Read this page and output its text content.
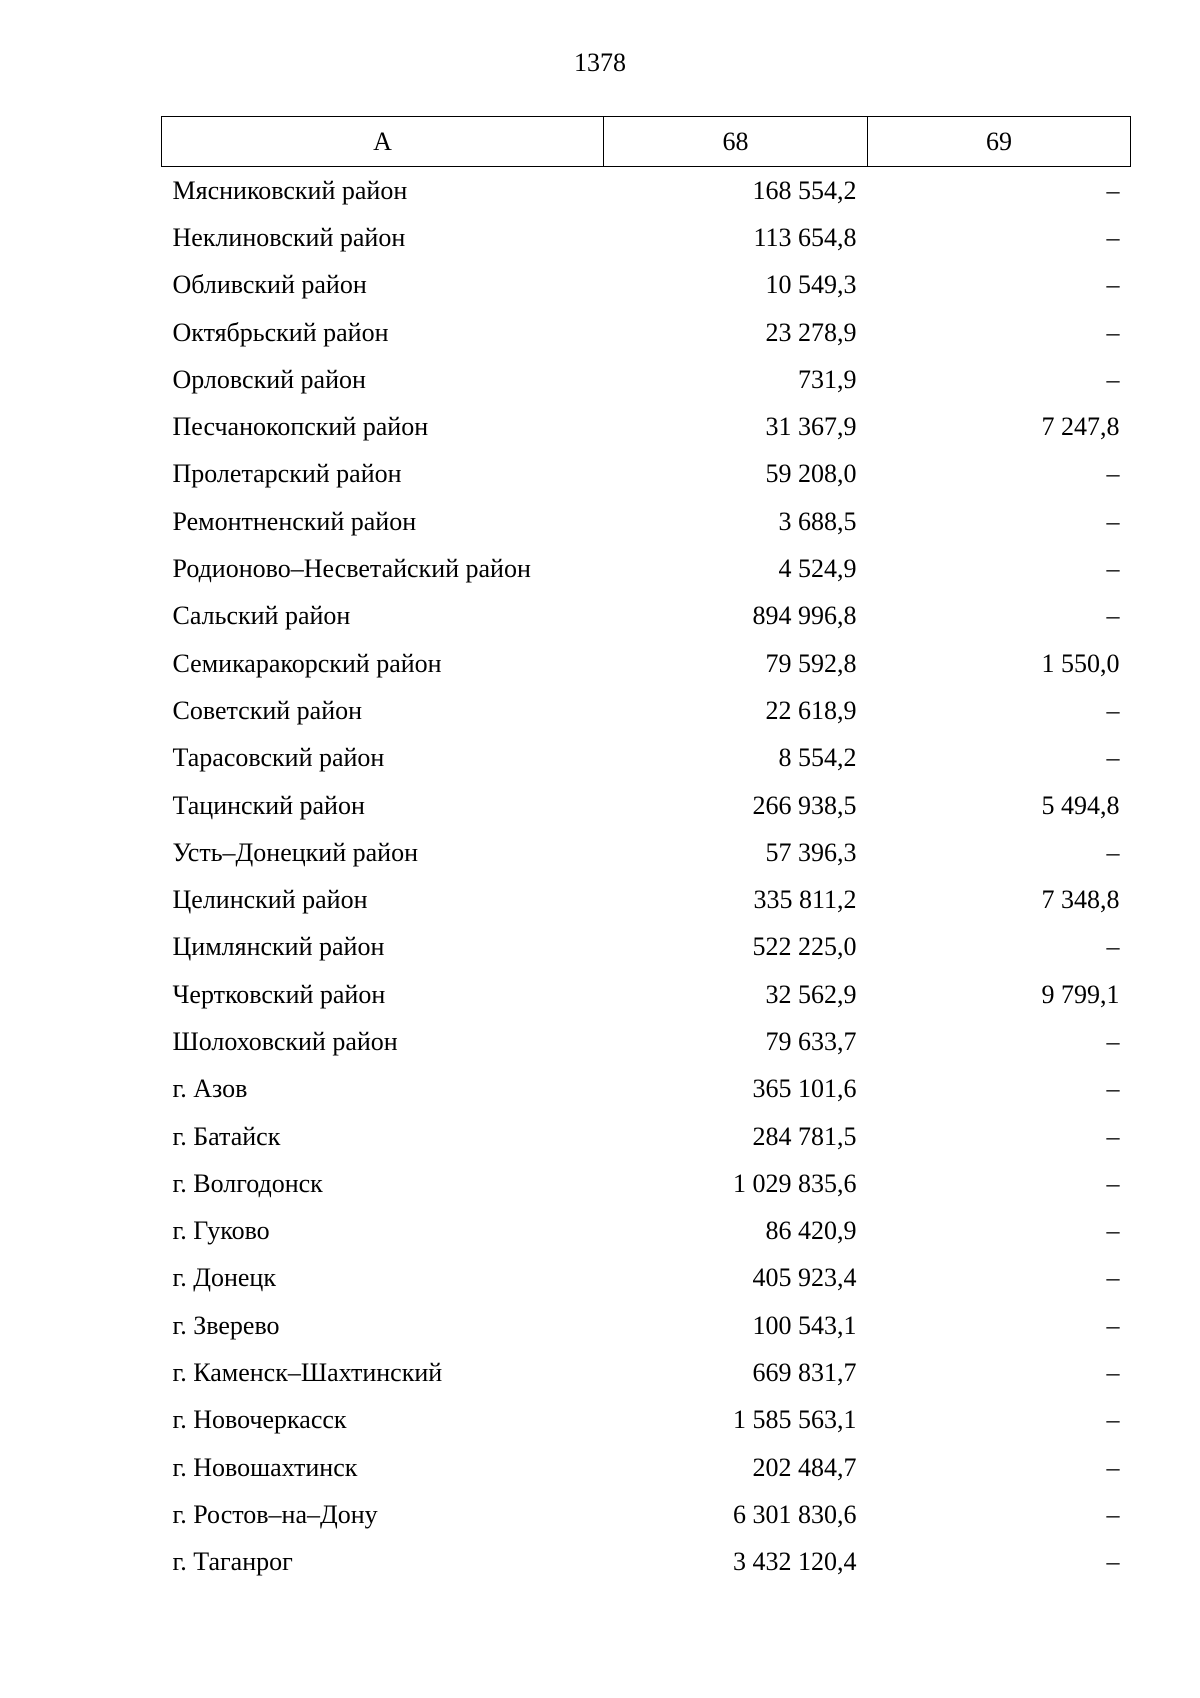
1378
А	68	69
Мясниковский район	168 554,2	–
Неклиновский район	113 654,8	–
Обливский район	10 549,3	–
Октябрьский район	23 278,9	–
Орловский район	731,9	–
Песчанокопский район	31 367,9	7 247,8
Пролетарский район	59 208,0	–
Ремонтненский район	3 688,5	–
Родионово–Несветайский район	4 524,9	–
Сальский район	894 996,8	–
Семикаракорский район	79 592,8	1 550,0
Советский район	22 618,9	–
Тарасовский район	8 554,2	–
Тацинский район	266 938,5	5 494,8
Усть–Донецкий район	57 396,3	–
Целинский район	335 811,2	7 348,8
Цимлянский район	522 225,0	–
Чертковский район	32 562,9	9 799,1
Шолоховский район	79 633,7	–
г. Азов	365 101,6	–
г. Батайск	284 781,5	–
г. Волгодонск	1 029 835,6	–
г. Гуково	86 420,9	–
г. Донецк	405 923,4	–
г. Зверево	100 543,1	–
г. Каменск–Шахтинский	669 831,7	–
г. Новочеркасск	1 585 563,1	–
г. Новошахтинск	202 484,7	–
г. Ростов–на–Дону	6 301 830,6	–
г. Таганрог	3 432 120,4	–
